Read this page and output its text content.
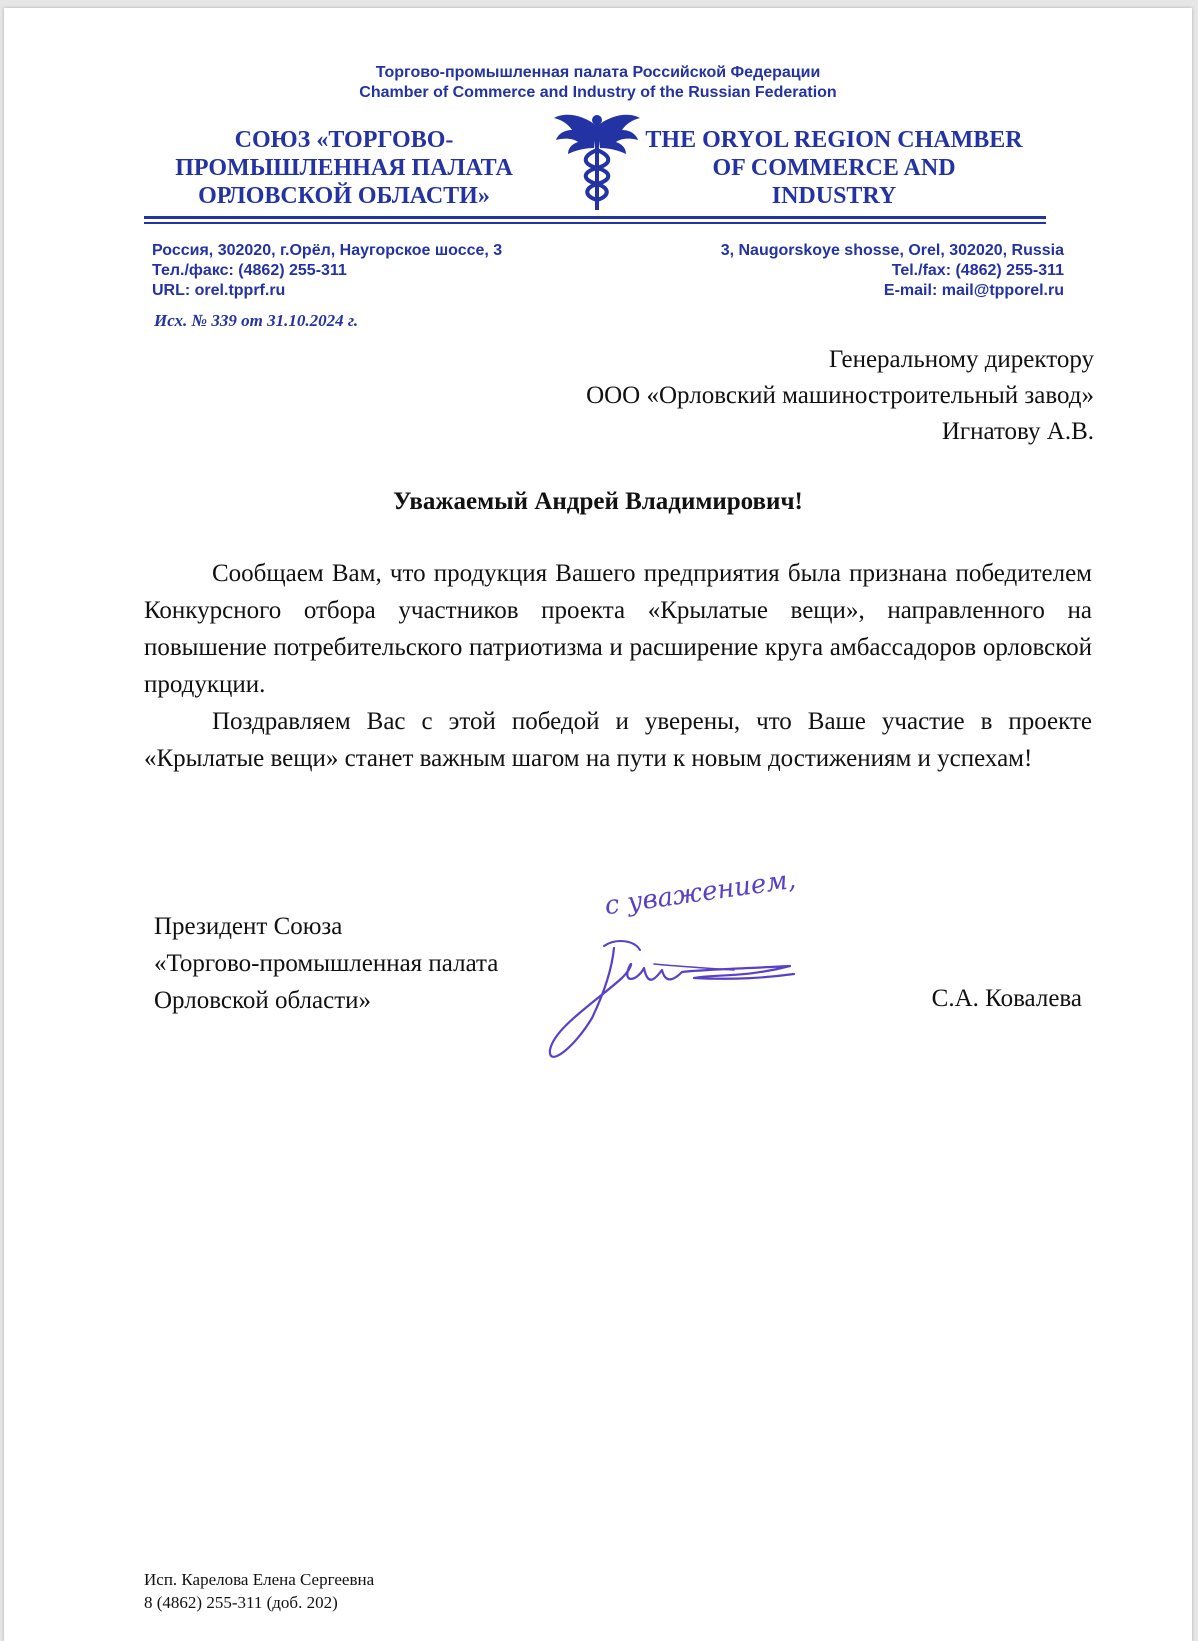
Торгово-промышленная палата Российской Федерации
Chamber of Commerce and Industry of the Russian Federation
СОЮЗ «ТОРГОВО-
ПРОМЫШЛЕННАЯ ПАЛАТА
ОРЛОВСКОЙ ОБЛАСТИ»
THE ORYOL REGION CHAMBER
OF COMMERCE AND
INDUSTRY
Россия, 302020, г.Орёл, Наугорское шоссе, 3
Тел./факс: (4862) 255-311
URL: orel.tpprf.ru
3, Naugorskoye shosse, Orel, 302020, Russia
Tel./fax: (4862) 255-311
E-mail: mail@tpporel.ru
Исх. № 339 от 31.10.2024 г.
Генеральному директору
ООО «Орловский машиностроительный завод»
Игнатову А.В.
Уважаемый Андрей Владимирович!

Сообщаем Вам, что продукция Вашего предприятия была признана победителем Конкурсного отбора участников проекта «Крылатые вещи», направленного на повышение потребительского патриотизма и расширение круга амбассадоров орловской продукции.

Поздравляем Вас с этой победой и уверены, что Ваше участие в проекте «Крылатые вещи» станет важным шагом на пути к новым достижениям и успехам!

Президент Союза
«Торгово-промышленная палата
Орловской области»
с уважением,
С.А. Ковалева
Исп. Карелова Елена Сергеевна
8 (4862) 255-311 (доб. 202)
